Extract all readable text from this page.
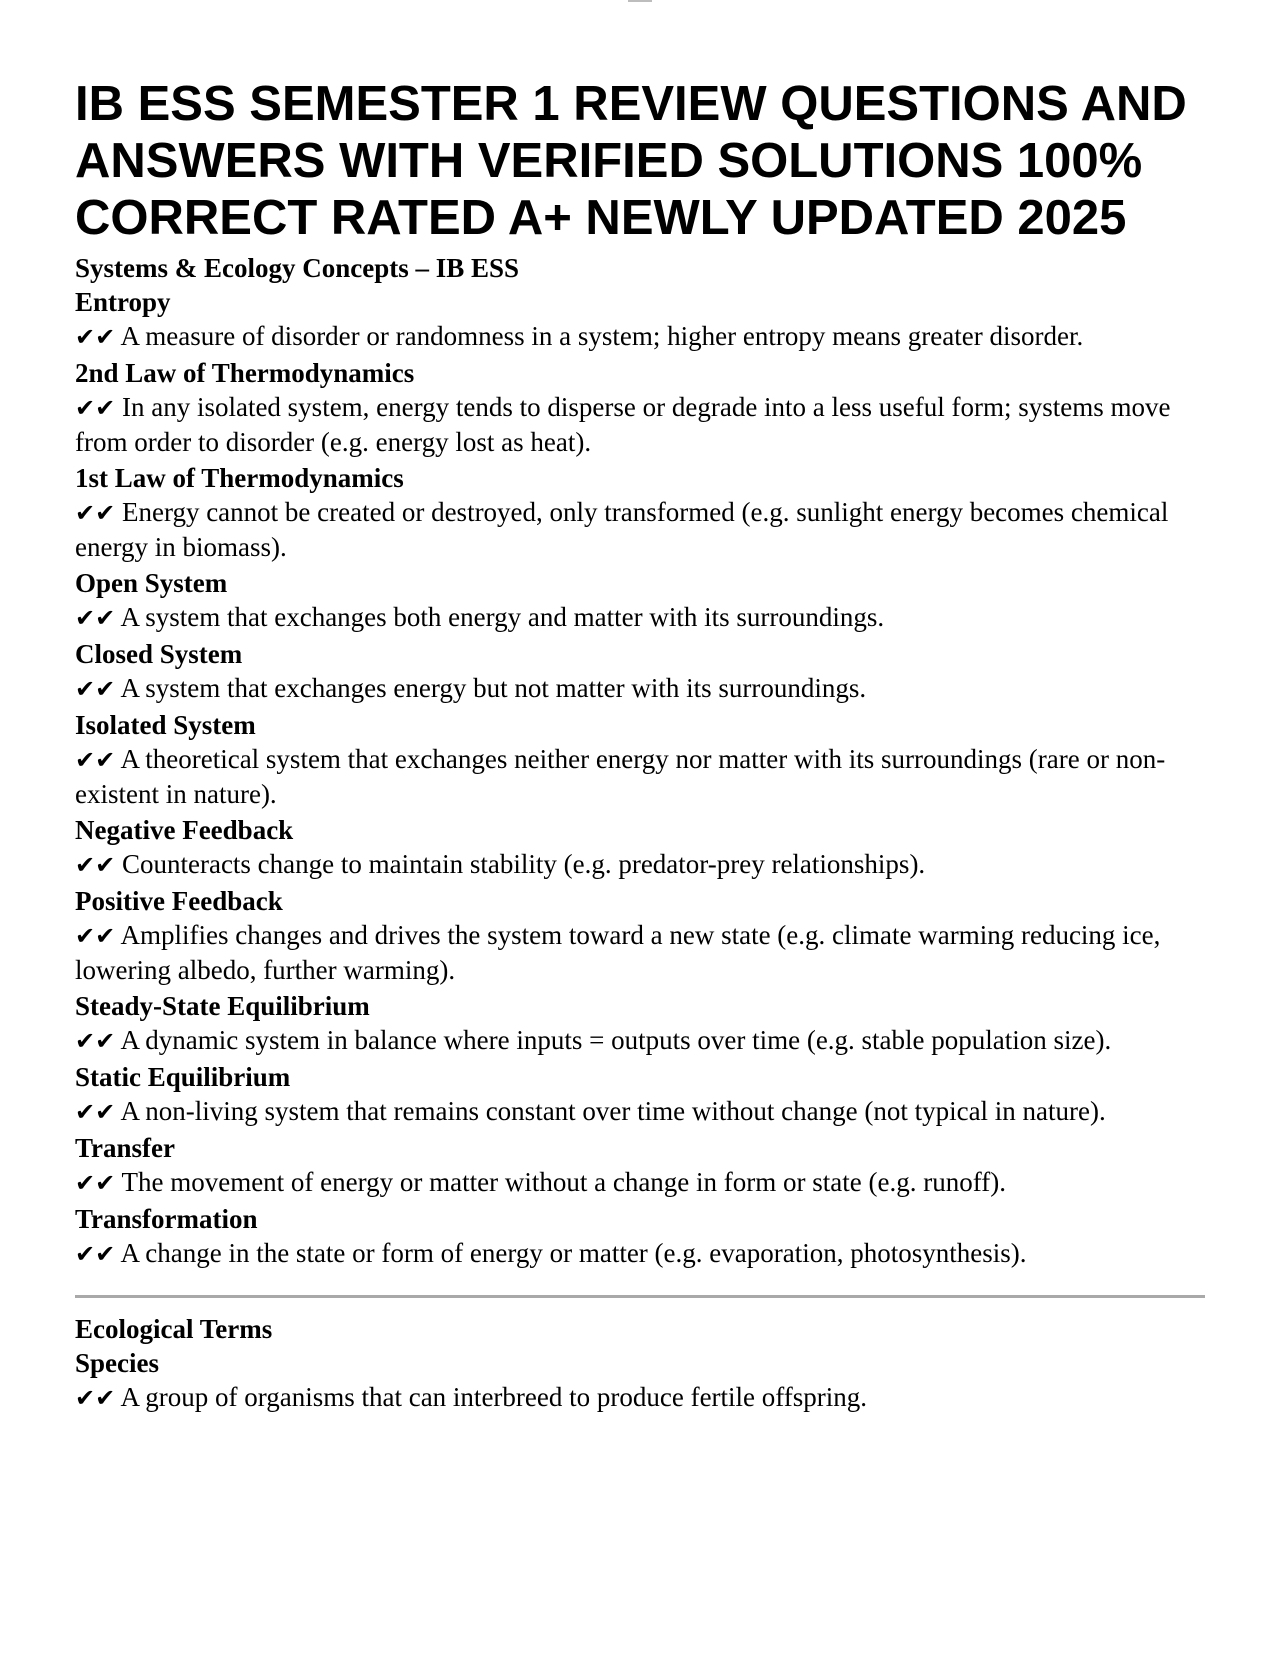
IB ESS SEMESTER 1 REVIEW QUESTIONS AND ANSWERS WITH VERIFIED SOLUTIONS 100% CORRECT RATED A+ NEWLY UPDATED 2025
Systems & Ecology Concepts – IB ESS
Entropy
✔✔ A measure of disorder or randomness in a system; higher entropy means greater disorder.
2nd Law of Thermodynamics
✔✔ In any isolated system, energy tends to disperse or degrade into a less useful form; systems move from order to disorder (e.g. energy lost as heat).
1st Law of Thermodynamics
✔✔ Energy cannot be created or destroyed, only transformed (e.g. sunlight energy becomes chemical energy in biomass).
Open System
✔✔ A system that exchanges both energy and matter with its surroundings.
Closed System
✔✔ A system that exchanges energy but not matter with its surroundings.
Isolated System
✔✔ A theoretical system that exchanges neither energy nor matter with its surroundings (rare or non-existent in nature).
Negative Feedback
✔✔ Counteracts change to maintain stability (e.g. predator-prey relationships).
Positive Feedback
✔✔ Amplifies changes and drives the system toward a new state (e.g. climate warming reducing ice, lowering albedo, further warming).
Steady-State Equilibrium
✔✔ A dynamic system in balance where inputs = outputs over time (e.g. stable population size).
Static Equilibrium
✔✔ A non-living system that remains constant over time without change (not typical in nature).
Transfer
✔✔ The movement of energy or matter without a change in form or state (e.g. runoff).
Transformation
✔✔ A change in the state or form of energy or matter (e.g. evaporation, photosynthesis).
Ecological Terms
Species
✔✔ A group of organisms that can interbreed to produce fertile offspring.
